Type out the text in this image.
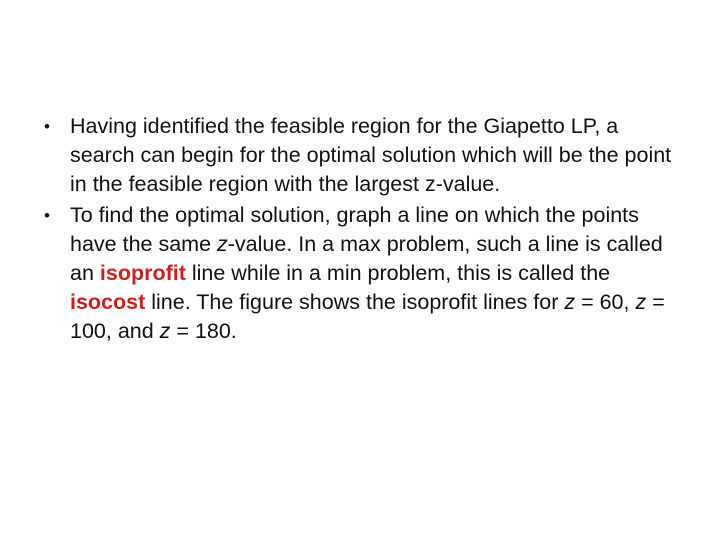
• Having identified the feasible region for the Giapetto LP, a search can begin for the optimal solution which will be the point in the feasible region with the largest z-value.
• To find the optimal solution, graph a line on which the points have the same z-value. In a max problem, such a line is called an isoprofit line while in a min problem, this is called the isocost line. The figure shows the isoprofit lines for z = 60, z = 100, and z = 180.
